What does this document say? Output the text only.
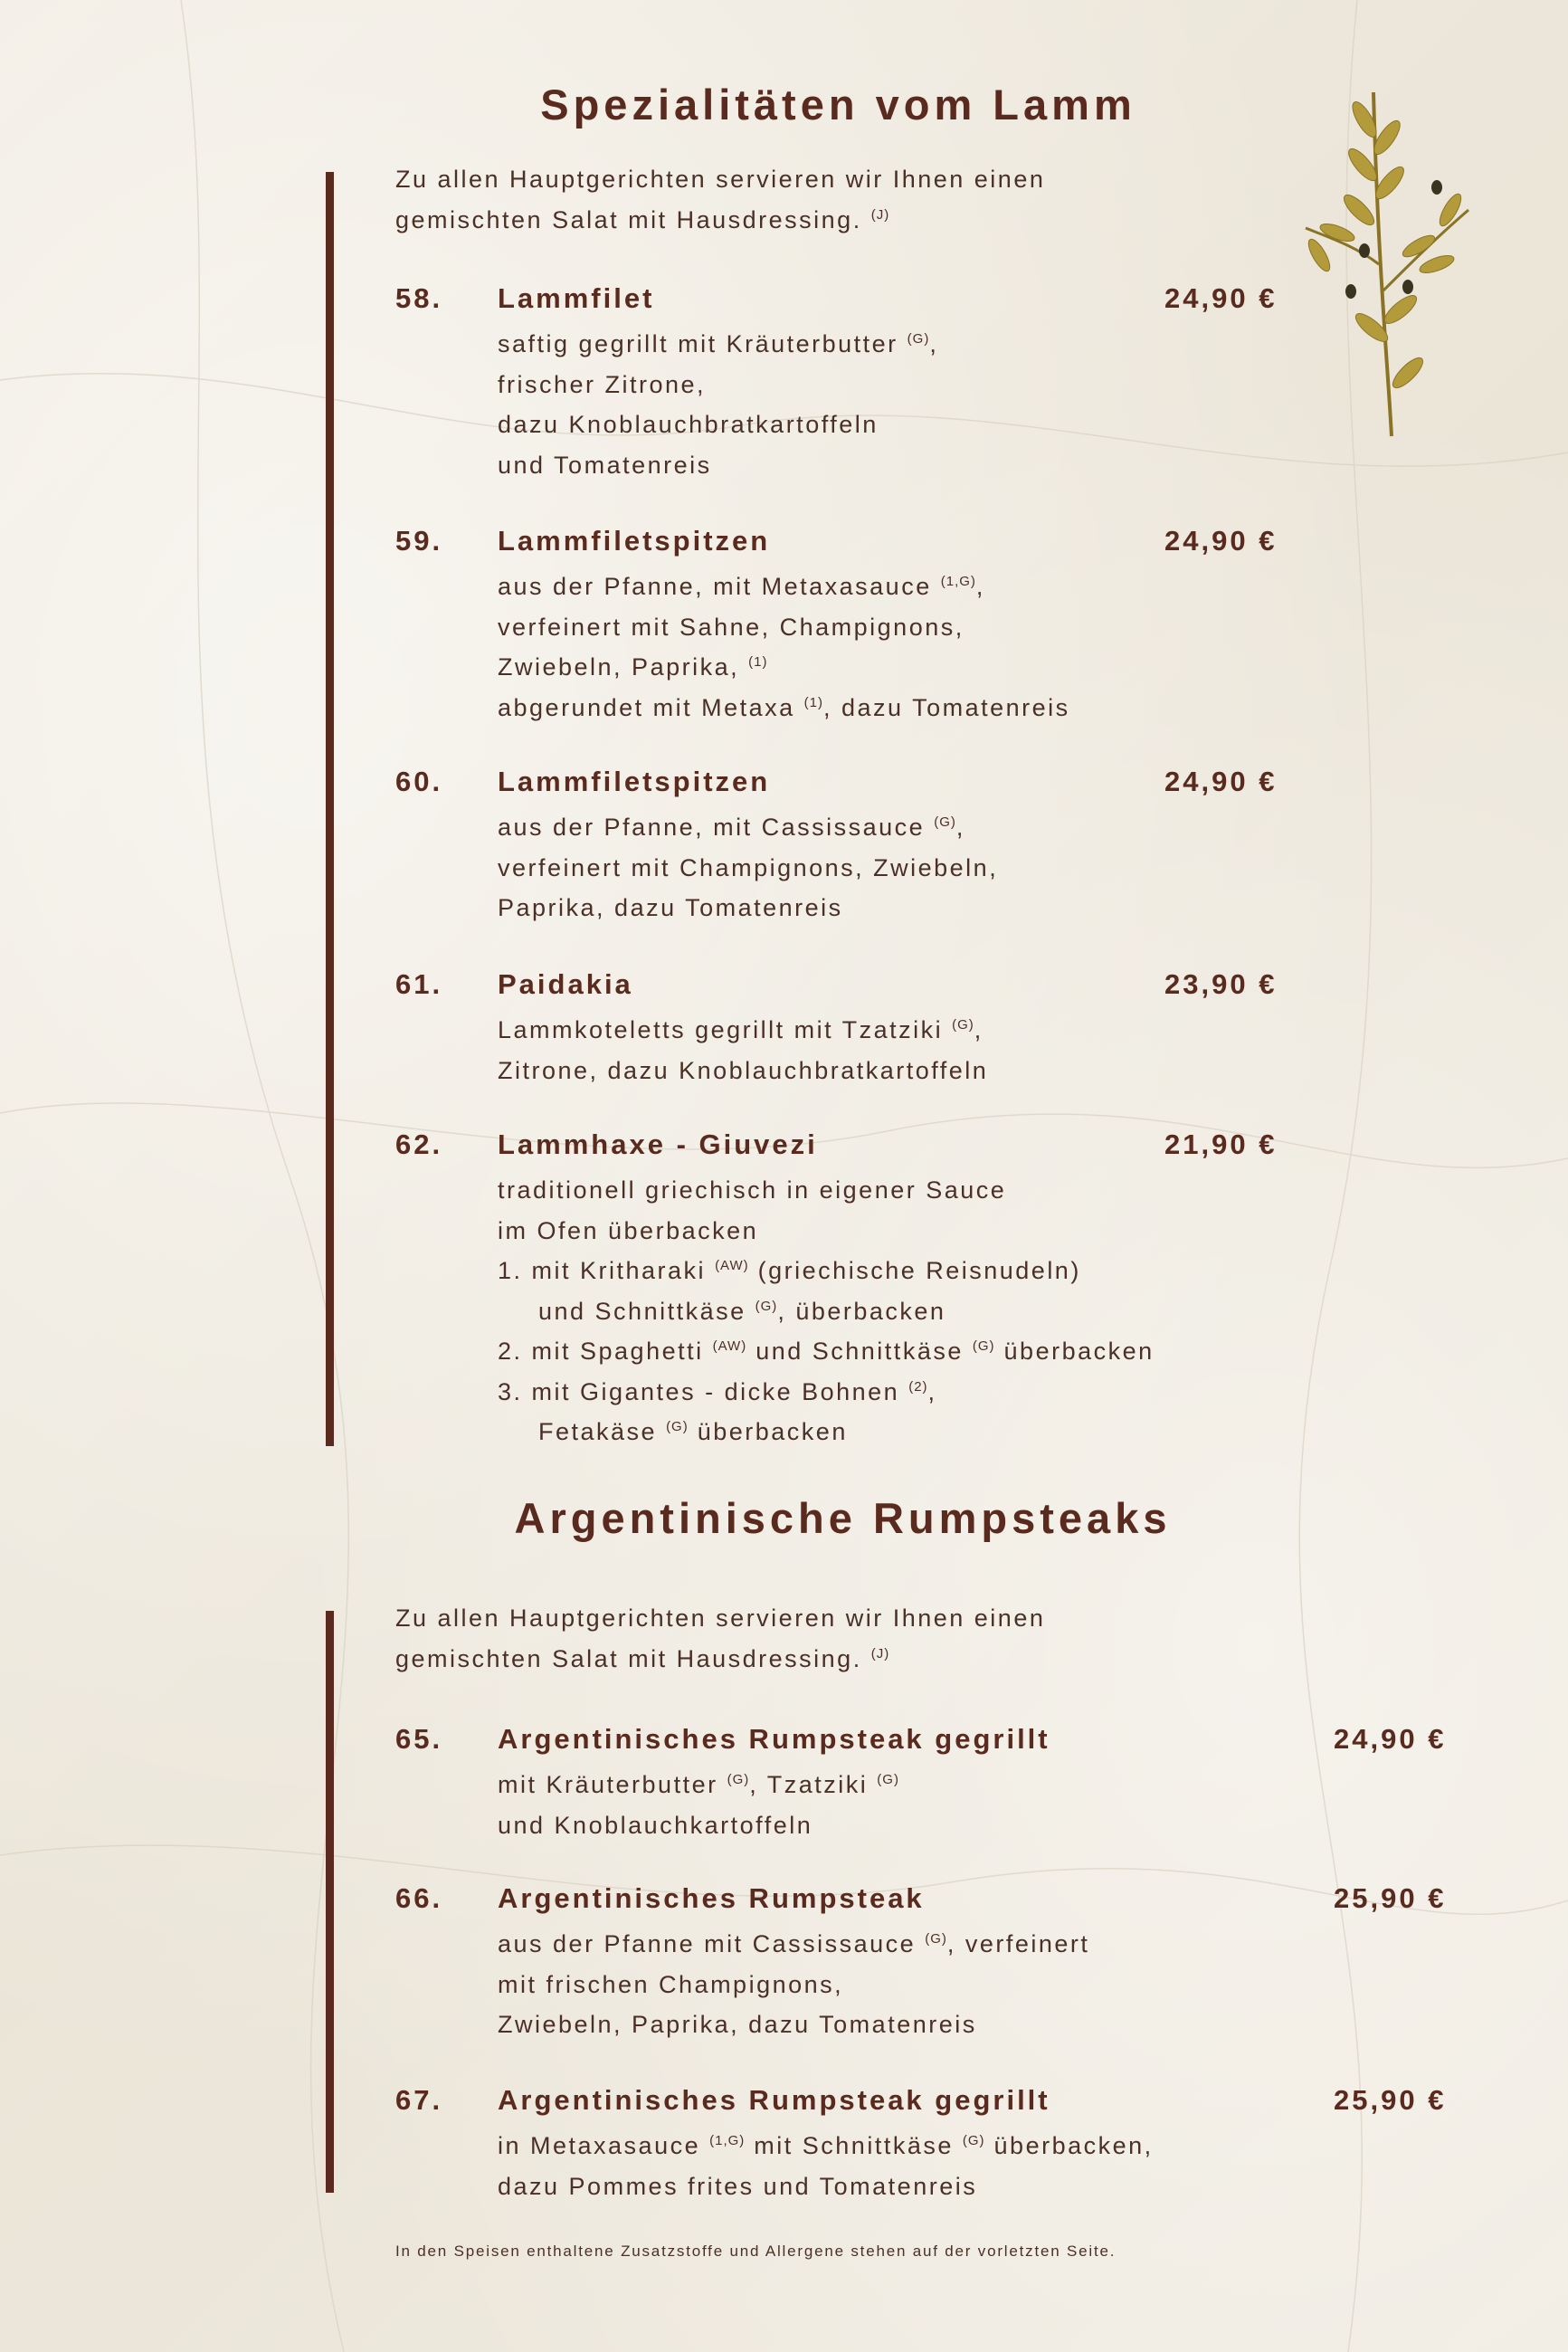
Spezialitäten vom Lamm
Zu allen Hauptgerichten servieren wir Ihnen einen
gemischten Salat mit Hausdressing. $^{(J)}$
58. Lammfilet	24,90 €
saftig gegrillt mit Kräuterbutter $^{(G)}$,
frischer Zitrone,
dazu Knoblauchbratkartoffeln
und Tomatenreis
59. Lammfiletspitzen	24,90 €
aus der Pfanne, mit Metaxasauce $^{(1,G)}$,
verfeinert mit Sahne, Champignons,
Zwiebeln, Paprika, $^{(1)}$
abgerundet mit Metaxa $^{(1)}$, dazu Tomatenreis
60. Lammfiletspitzen	24,90 €
aus der Pfanne, mit Cassissauce $^{(G)}$,
verfeinert mit Champignons, Zwiebeln,
Paprika, dazu Tomatenreis
61. Paidakia	23,90 €
Lammkoteletts gegrillt mit Tzatziki $^{(G)}$,
Zitrone, dazu Knoblauchbratkartoffeln
62. Lammhaxe - Giuvezi	21,90 €
traditionell griechisch in eigener Sauce
im Ofen überbacken
1. mit Kritharaki $^{(AW)}$ (griechische Reisnudeln)
und Schnittkäse $^{(G)}$, überbacken
2. mit Spaghetti $^{(AW)}$ und Schnittkäse $^{(G)}$ überbacken
3. mit Gigantes - dicke Bohnen $^{(2)}$,
Fetakäse $^{(G)}$ überbacken
Argentinische Rumpsteaks
Zu allen Hauptgerichten servieren wir Ihnen einen
gemischten Salat mit Hausdressing. $^{(J)}$
65. Argentinisches Rumpsteak gegrillt	24,90 €
mit Kräuterbutter $^{(G)}$, Tzatziki $^{(G)}$
und Knoblauchkartoffeln
66. Argentinisches Rumpsteak	25,90 €
aus der Pfanne mit Cassissauce $^{(G)}$, verfeinert
mit frischen Champignons,
Zwiebeln, Paprika, dazu Tomatenreis
67. Argentinisches Rumpsteak gegrillt	25,90 €
in Metaxasauce $^{(1,G)}$ mit Schnittkäse $^{(G)}$ überbacken,
dazu Pommes frites und Tomatenreis
In den Speisen enthaltene Zusatzstoffe und Allergene stehen auf der vorletzten Seite.
